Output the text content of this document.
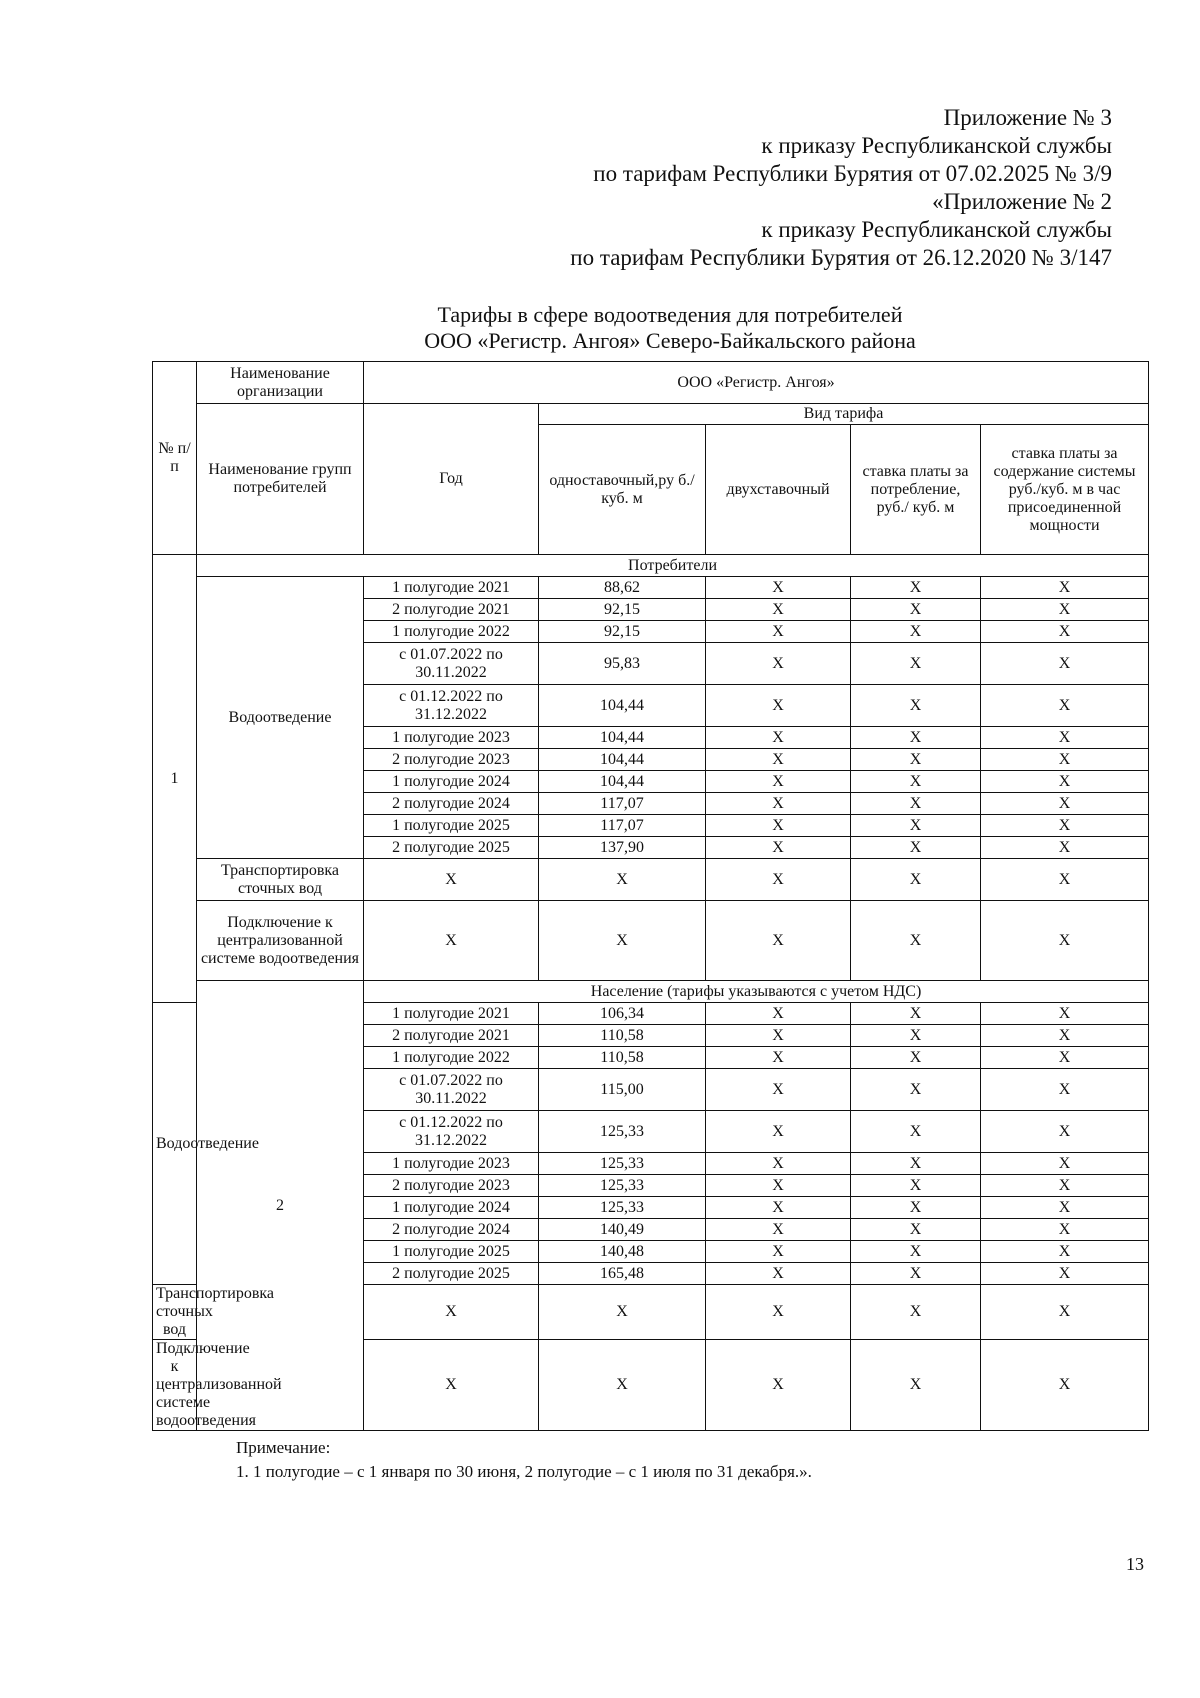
Приложение № 3
к приказу Республиканской службы
по тарифам Республики Бурятия от 07.02.2025 № 3/9
«Приложение № 2
к приказу Республиканской службы
по тарифам Республики Бурятия от 26.12.2020 № 3/147
Тарифы в сфере водоотведения для потребителей
ООО «Регистр. Ангоя» Северо-Байкальского района
№ п/ п	Наименование организации	ООО «Регистр. Ангоя»				
	Наименование групп потребителей	Год	Вид тарифа			
			одноставочный,ру б./ куб. м	двухставочный	ставка платы за потребление, руб./ куб. м	ставка платы за содержание системы руб./куб. м в час присоединенной мощности
1	Потребители					
	Водоотведение	1 полугодие 2021	88,62	Х	Х	Х
		2 полугодие 2021	92,15	Х	Х	Х
		1 полугодие 2022	92,15	Х	Х	Х
		с 01.07.2022 по 30.11.2022	95,83	Х	Х	Х
		с 01.12.2022 по 31.12.2022	104,44	Х	Х	Х
		1 полугодие 2023	104,44	Х	Х	Х
		2 полугодие 2023	104,44	Х	Х	Х
		1 полугодие 2024	104,44	Х	Х	Х
		2 полугодие 2024	117,07	Х	Х	Х
		1 полугодие 2025	117,07	Х	Х	Х
		2 полугодие 2025	137,90	Х	Х	Х
	Транспортировка сточных вод	Х	Х	Х	Х	Х
	Подключение к централизованной системе водоотведения	Х	Х	Х	Х	Х
	2	Население (тарифы указываются с учетом НДС)				
Водоотведение		1 полугодие 2021	106,34	Х	Х	Х
		2 полугодие 2021	110,58	Х	Х	Х
		1 полугодие 2022	110,58	Х	Х	Х
		с 01.07.2022 по 30.11.2022	115,00	Х	Х	Х
		с 01.12.2022 по 31.12.2022	125,33	Х	Х	Х
		1 полугодие 2023	125,33	Х	Х	Х
		2 полугодие 2023	125,33	Х	Х	Х
		1 полугодие 2024	125,33	Х	Х	Х
		2 полугодие 2024	140,49	Х	Х	Х
		1 полугодие 2025	140,48	Х	Х	Х
		2 полугодие 2025	165,48	Х	Х	Х
Транспортировка сточных вод		Х	Х	Х	Х	Х
Подключение к централизованной системе водоотведения		Х	Х	Х	Х	Х
Примечание:
1. 1 полугодие – с 1 января по 30 июня, 2 полугодие – с 1 июля по 31 декабря.».
13
